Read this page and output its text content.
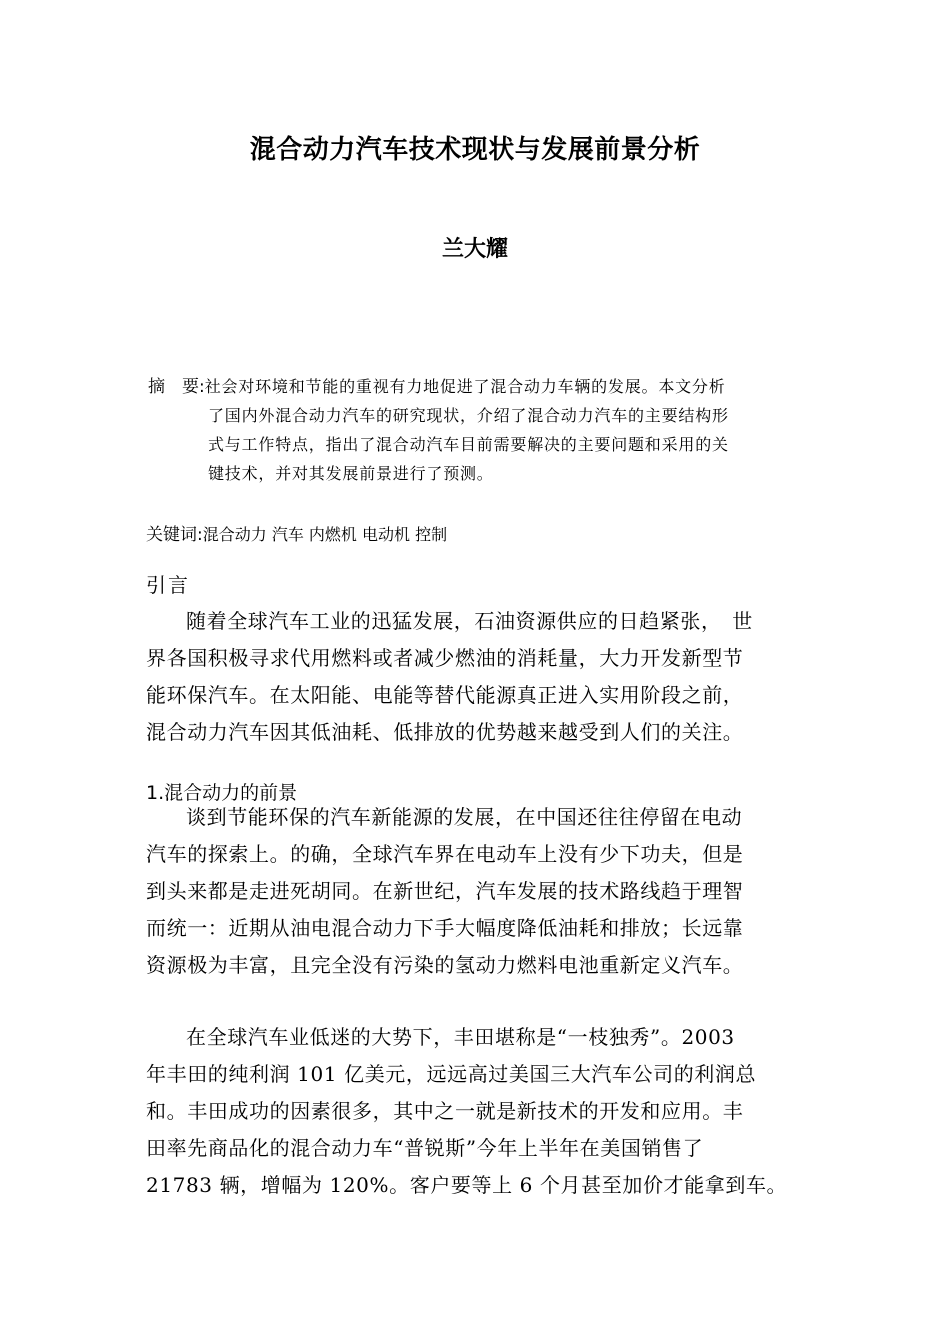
混合动力汽车技术现状与发展前景分析
兰大耀
摘　要:社会对环境和节能的重视有力地促进了混合动力车辆的发展。本文分析
了国内外混合动力汽车的研究现状，介绍了混合动力汽车的主要结构形
式与工作特点，指出了混合动汽车目前需要解决的主要问题和采用的关
键技术，并对其发展前景进行了预测。
关键词:混合动力 汽车 内燃机 电动机 控制
引言
随着全球汽车工业的迅猛发展，石油资源供应的日趋紧张，　世
界各国积极寻求代用燃料或者减少燃油的消耗量，大力开发新型节
能环保汽车。在太阳能、电能等替代能源真正进入实用阶段之前，
混合动力汽车因其低油耗、低排放的优势越来越受到人们的关注。
1.混合动力的前景
谈到节能环保的汽车新能源的发展，在中国还往往停留在电动
汽车的探索上。的确，全球汽车界在电动车上没有少下功夫，但是
到头来都是走进死胡同。在新世纪，汽车发展的技术路线趋于理智
而统一：近期从油电混合动力下手大幅度降低油耗和排放；长远靠
资源极为丰富，且完全没有污染的氢动力燃料电池重新定义汽车。
在全球汽车业低迷的大势下，丰田堪称是“一枝独秀”。2003
年丰田的纯利润 101 亿美元，远远高过美国三大汽车公司的利润总
和。丰田成功的因素很多，其中之一就是新技术的开发和应用。丰
田率先商品化的混合动力车“普锐斯”今年上半年在美国销售了
21783 辆，增幅为 120%。客户要等上 6 个月甚至加价才能拿到车。
